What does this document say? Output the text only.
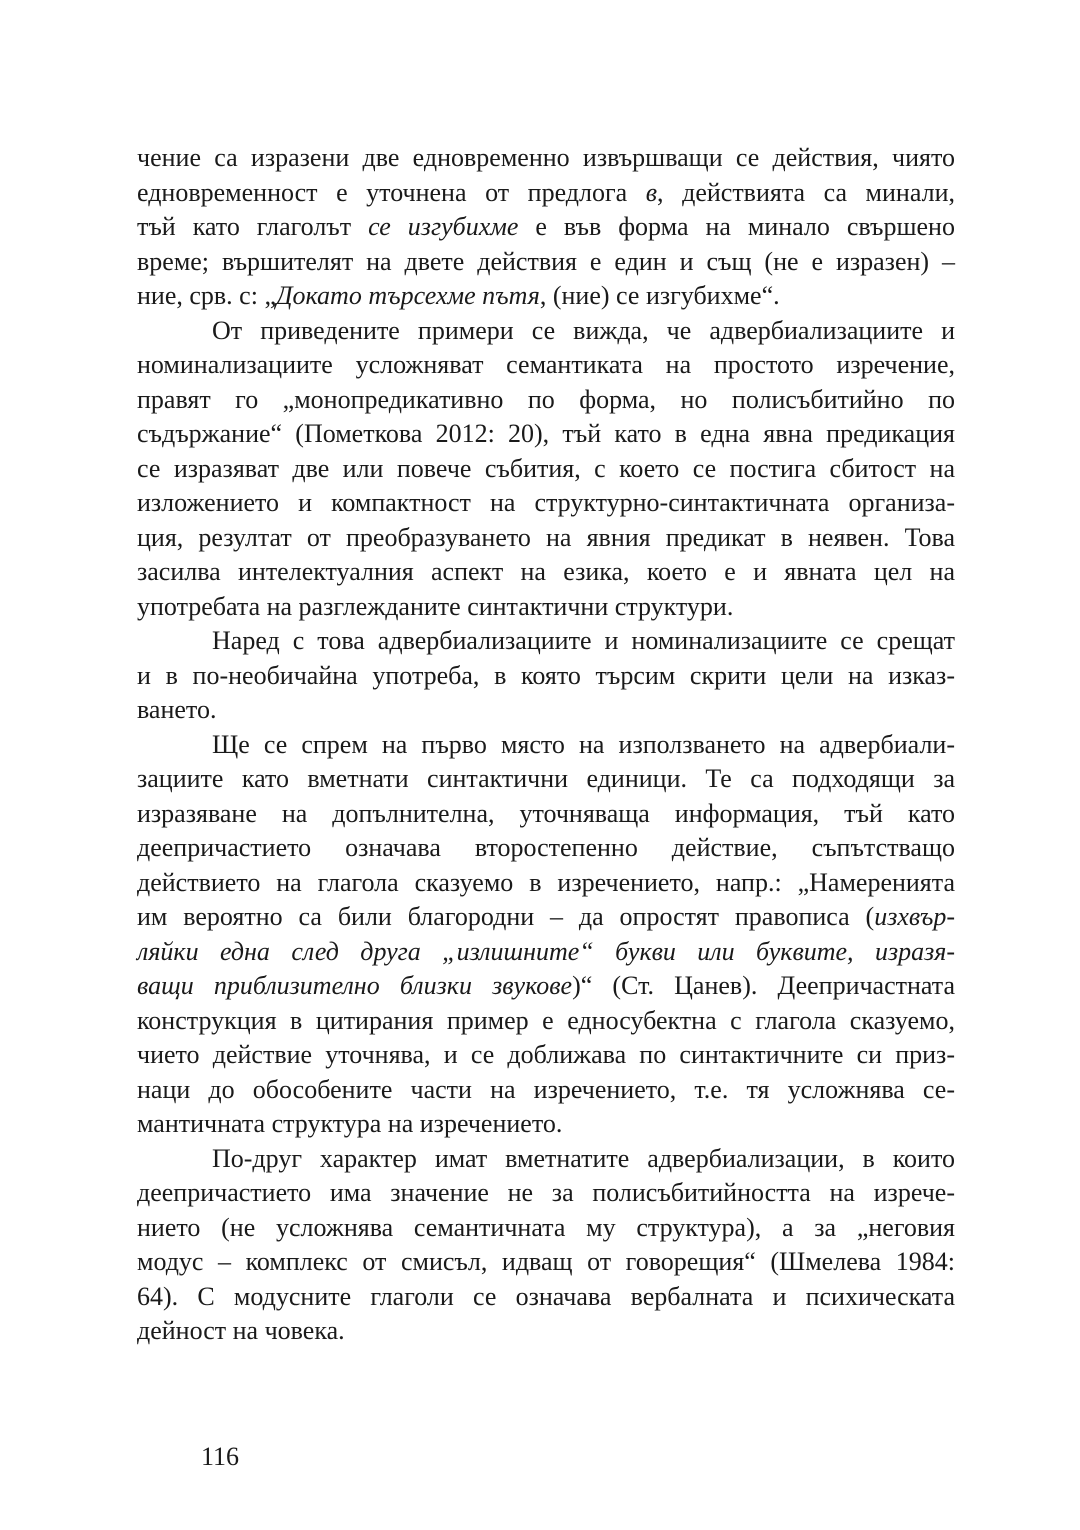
чение са изразени две едновременно извършващи се действия, чиято
едновременност е уточнена от предлога в, действията са минали,
тъй като глаголът се изгубихме е във форма на минало свършено
време; вършителят на двете действия е един и същ (не е изразен) –
ние, срв. с: „Докато търсехме пътя, (ние) се изгубихме“.
От приведените примери се вижда, че адвербиализациите и
номинализациите усложняват семантиката на простото изречение,
правят го „монопредикативно по форма, но полисъбитийно по
съдържание“ (Пометкова 2012: 20), тъй като в една явна предикация
се изразяват две или повече събития, с което се постига сбитост на
изложението и компактност на структурно-синтактичната организа-
ция, резултат от преобразуването на явния предикат в неявен. Това
засилва интелектуалния аспект на езика, което е и явната цел на
употребата на разглежданите синтактични структури.
Наред с това адвербиализациите и номинализациите се срещат
и в по-необичайна употреба, в която търсим скрити цели на изказ-
ването.
Ще се спрем на първо място на използването на адвербиали-
зациите като вметнати синтактични единици. Те са подходящи за
изразяване на допълнителна, уточняваща информация, тъй като
деепричастието означава второстепенно действие, съпътстващо
действието на глагола сказуемо в изречението, напр.: „Намеренията
им вероятно са били благородни – да опростят правописа (изхвър-
ляйки една след друга „излишните“ букви или буквите, изразя-
ващи приблизително близки звукове)“ (Ст. Цанев). Деепричастната
конструкция в цитирания пример е едносубектна с глагола сказуемо,
чието действие уточнява, и се доближава по синтактичните си приз-
наци до обособените части на изречението, т.е. тя усложнява се-
мантичната структура на изречението.
По-друг характер имат вметнатите адвербиализации, в които
деепричастието има значение не за полисъбитийността на изрече-
нието (не усложнява семантичната му структура), а за „неговия
модус – комплекс от смисъл, идващ от говорещия“ (Шмелева 1984:
64). С модусните глаголи се означава вербалната и психическата
дейност на човека.
116
